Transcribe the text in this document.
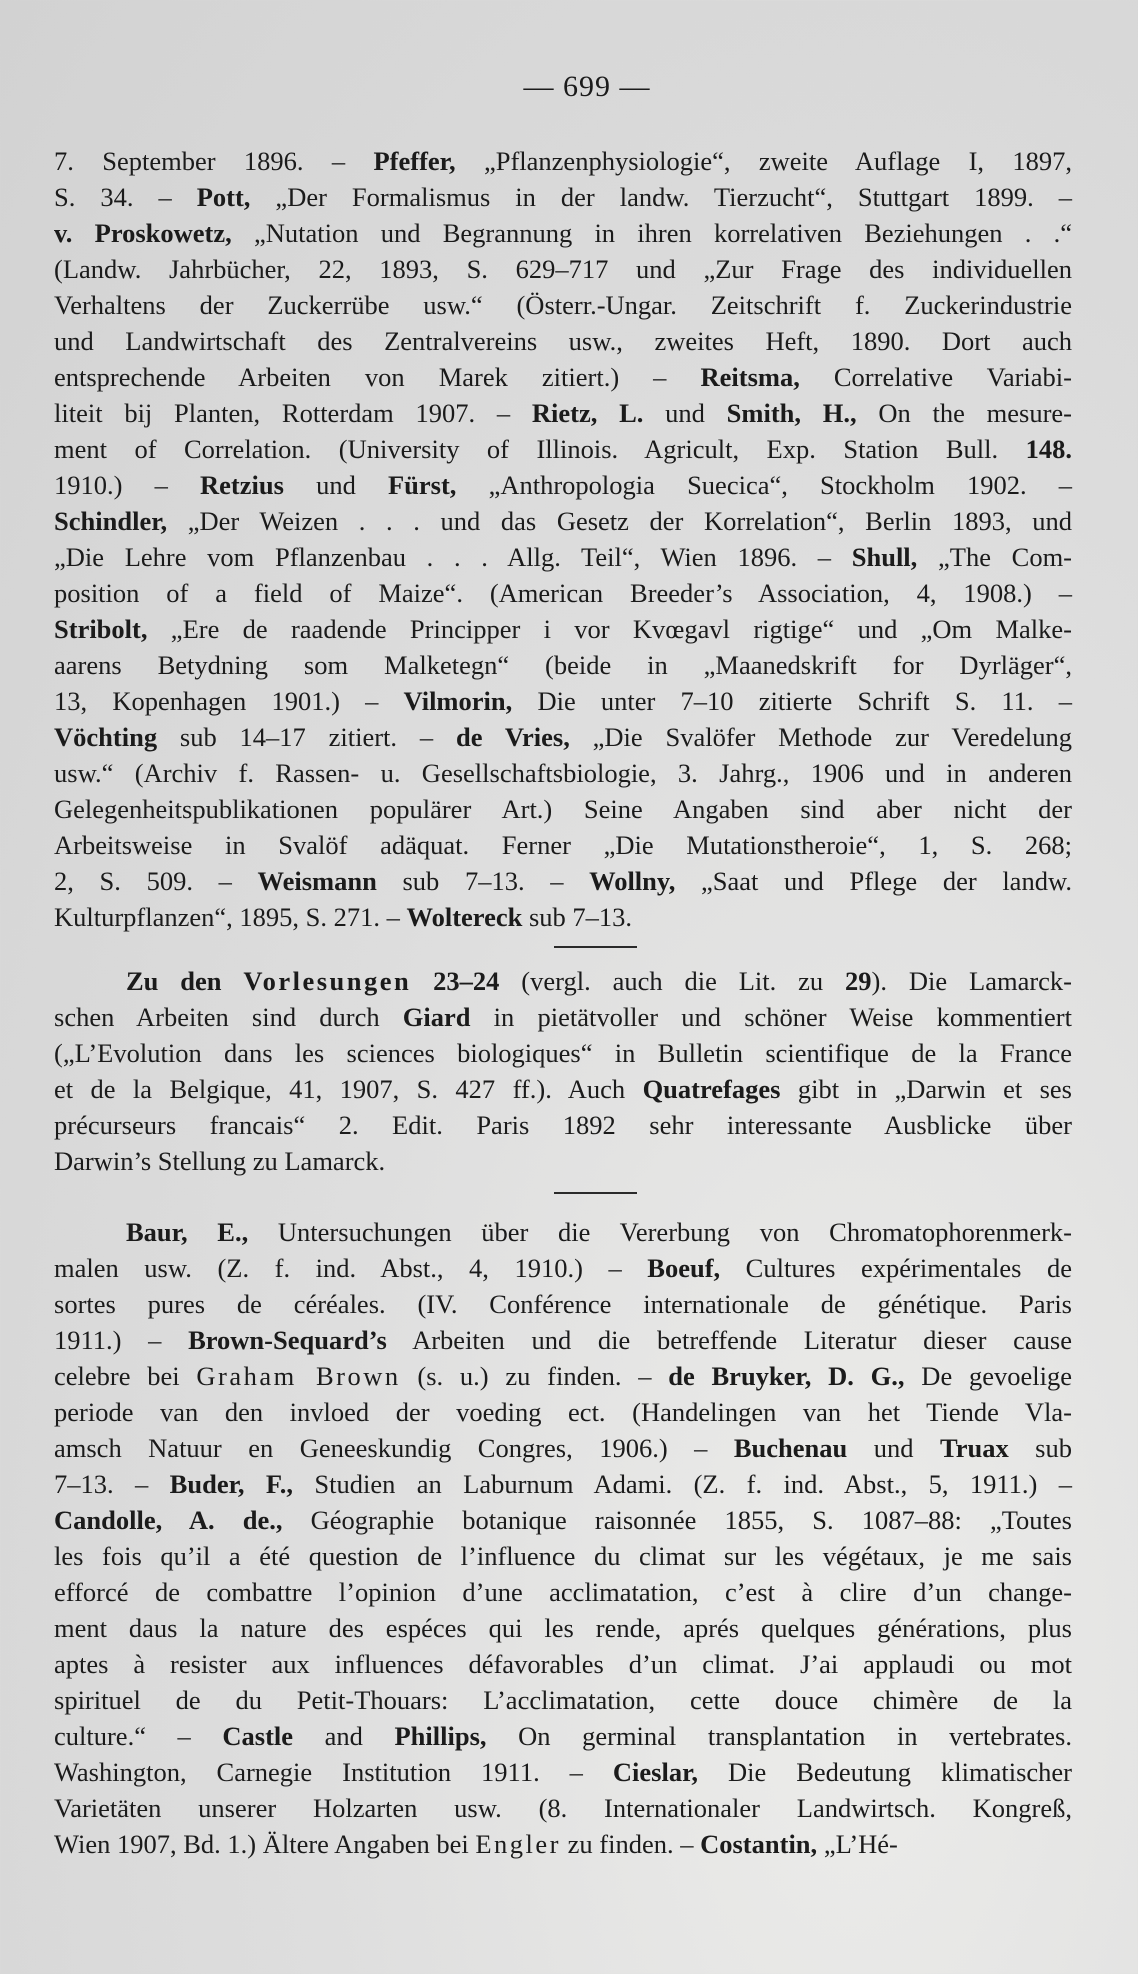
— 699 —
7. September 1896. – Pfeffer, „Pflanzenphysiologie“, zweite Auflage I, 1897,
S. 34. – Pott, „Der Formalismus in der landw. Tierzucht“, Stuttgart 1899. –
v. Proskowetz, „Nutation und Begrannung in ihren korrelativen Beziehungen . .“
(Landw. Jahrbücher, 22, 1893, S. 629–717 und „Zur Frage des individuellen
Verhaltens der Zuckerrübe usw.“ (Österr.-Ungar. Zeitschrift f. Zuckerindustrie
und Landwirtschaft des Zentralvereins usw., zweites Heft, 1890. Dort auch
entsprechende Arbeiten von Marek zitiert.) – Reitsma, Correlative Variabi-
liteit bij Planten, Rotterdam 1907. – Rietz, L. und Smith, H., On the mesure-
ment of Correlation. (University of Illinois. Agricult, Exp. Station Bull. 148.
1910.) – Retzius und Fürst, „Anthropologia Suecica“, Stockholm 1902. –
Schindler, „Der Weizen . . . und das Gesetz der Korrelation“, Berlin 1893, und
„Die Lehre vom Pflanzenbau . . . Allg. Teil“, Wien 1896. – Shull, „The Com-
position of a field of Maize“. (American Breeder’s Association, 4, 1908.) –
Stribolt, „Ere de raadende Principper i vor Kvœgavl rigtige“ und „Om Malke-
aarens Betydning som Malketegn“ (beide in „Maanedskrift for Dyrläger“,
13, Kopenhagen 1901.) – Vilmorin, Die unter 7–10 zitierte Schrift S. 11. –
Vöchting sub 14–17 zitiert. – de Vries, „Die Svalöfer Methode zur Veredelung
usw.“ (Archiv f. Rassen- u. Gesellschaftsbiologie, 3. Jahrg., 1906 und in anderen
Gelegenheitspublikationen populärer Art.) Seine Angaben sind aber nicht der
Arbeitsweise in Svalöf adäquat. Ferner „Die Mutationstheroie“, 1, S. 268;
2, S. 509. – Weismann sub 7–13. – Wollny, „Saat und Pflege der landw.
Kulturpflanzen“, 1895, S. 271. – Woltereck sub 7–13.
Zu den Vorlesungen 23–24 (vergl. auch die Lit. zu 29). Die Lamarck-
schen Arbeiten sind durch Giard in pietätvoller und schöner Weise kommentiert
(„L’Evolution dans les sciences biologiques“ in Bulletin scientifique de la France
et de la Belgique, 41, 1907, S. 427 ff.). Auch Quatrefages gibt in „Darwin et ses
précurseurs francais“ 2. Edit. Paris 1892 sehr interessante Ausblicke über
Darwin’s Stellung zu Lamarck.
Baur, E., Untersuchungen über die Vererbung von Chromatophorenmerk-
malen usw. (Z. f. ind. Abst., 4, 1910.) – Boeuf, Cultures expérimentales de
sortes pures de céréales. (IV. Conférence internationale de génétique. Paris
1911.) – Brown-Sequard’s Arbeiten und die betreffende Literatur dieser cause
celebre bei Graham Brown (s. u.) zu finden. – de Bruyker, D. G., De gevoelige
periode van den invloed der voeding ect. (Handelingen van het Tiende Vla-
amsch Natuur en Geneeskundig Congres, 1906.) – Buchenau und Truax sub
7–13. – Buder, F., Studien an Laburnum Adami. (Z. f. ind. Abst., 5, 1911.) –
Candolle, A. de., Géographie botanique raisonnée 1855, S. 1087–88: „Toutes
les fois qu’il a été question de l’influence du climat sur les végétaux, je me sais
efforcé de combattre l’opinion d’une acclimatation, c’est à clire d’un change-
ment daus la nature des espéces qui les rende, aprés quelques générations, plus
aptes à resister aux influences défavorables d’un climat. J’ai applaudi ou mot
spirituel de du Petit-Thouars: L’acclimatation, cette douce chimère de la
culture.“ – Castle and Phillips, On germinal transplantation in vertebrates.
Washington, Carnegie Institution 1911. – Cieslar, Die Bedeutung klimatischer
Varietäten unserer Holzarten usw. (8. Internationaler Landwirtsch. Kongreß,
Wien 1907, Bd. 1.) Ältere Angaben bei Engler zu finden. – Costantin, „L’Hé-
